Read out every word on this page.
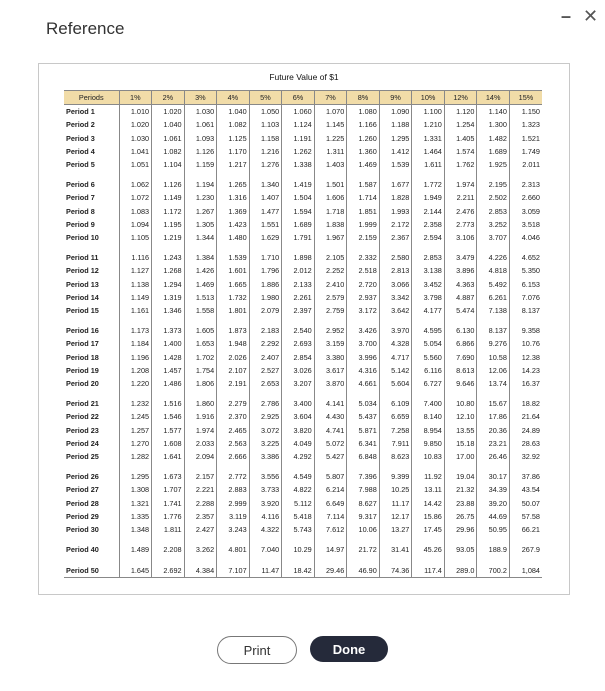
Reference
– ✕
Future Value of $1
Periods	1%	2%	3%	4%	5%	6%	7%	8%	9%	10%	12%	14%	15%
Period 1	1.010	1.020	1.030	1.040	1.050	1.060	1.070	1.080	1.090	1.100	1.120	1.140	1.150
Period 2	1.020	1.040	1.061	1.082	1.103	1.124	1.145	1.166	1.188	1.210	1.254	1.300	1.323
Period 3	1.030	1.061	1.093	1.125	1.158	1.191	1.225	1.260	1.295	1.331	1.405	1.482	1.521
Period 4	1.041	1.082	1.126	1.170	1.216	1.262	1.311	1.360	1.412	1.464	1.574	1.689	1.749
Period 5	1.051	1.104	1.159	1.217	1.276	1.338	1.403	1.469	1.539	1.611	1.762	1.925	2.011

Period 6	1.062	1.126	1.194	1.265	1.340	1.419	1.501	1.587	1.677	1.772	1.974	2.195	2.313
Period 7	1.072	1.149	1.230	1.316	1.407	1.504	1.606	1.714	1.828	1.949	2.211	2.502	2.660
Period 8	1.083	1.172	1.267	1.369	1.477	1.594	1.718	1.851	1.993	2.144	2.476	2.853	3.059
Period 9	1.094	1.195	1.305	1.423	1.551	1.689	1.838	1.999	2.172	2.358	2.773	3.252	3.518
Period 10	1.105	1.219	1.344	1.480	1.629	1.791	1.967	2.159	2.367	2.594	3.106	3.707	4.046

Period 11	1.116	1.243	1.384	1.539	1.710	1.898	2.105	2.332	2.580	2.853	3.479	4.226	4.652
Period 12	1.127	1.268	1.426	1.601	1.796	2.012	2.252	2.518	2.813	3.138	3.896	4.818	5.350
Period 13	1.138	1.294	1.469	1.665	1.886	2.133	2.410	2.720	3.066	3.452	4.363	5.492	6.153
Period 14	1.149	1.319	1.513	1.732	1.980	2.261	2.579	2.937	3.342	3.798	4.887	6.261	7.076
Period 15	1.161	1.346	1.558	1.801	2.079	2.397	2.759	3.172	3.642	4.177	5.474	7.138	8.137

Period 16	1.173	1.373	1.605	1.873	2.183	2.540	2.952	3.426	3.970	4.595	6.130	8.137	9.358
Period 17	1.184	1.400	1.653	1.948	2.292	2.693	3.159	3.700	4.328	5.054	6.866	9.276	10.76
Period 18	1.196	1.428	1.702	2.026	2.407	2.854	3.380	3.996	4.717	5.560	7.690	10.58	12.38
Period 19	1.208	1.457	1.754	2.107	2.527	3.026	3.617	4.316	5.142	6.116	8.613	12.06	14.23
Period 20	1.220	1.486	1.806	2.191	2.653	3.207	3.870	4.661	5.604	6.727	9.646	13.74	16.37

Period 21	1.232	1.516	1.860	2.279	2.786	3.400	4.141	5.034	6.109	7.400	10.80	15.67	18.82
Period 22	1.245	1.546	1.916	2.370	2.925	3.604	4.430	5.437	6.659	8.140	12.10	17.86	21.64
Period 23	1.257	1.577	1.974	2.465	3.072	3.820	4.741	5.871	7.258	8.954	13.55	20.36	24.89
Period 24	1.270	1.608	2.033	2.563	3.225	4.049	5.072	6.341	7.911	9.850	15.18	23.21	28.63
Period 25	1.282	1.641	2.094	2.666	3.386	4.292	5.427	6.848	8.623	10.83	17.00	26.46	32.92

Period 26	1.295	1.673	2.157	2.772	3.556	4.549	5.807	7.396	9.399	11.92	19.04	30.17	37.86
Period 27	1.308	1.707	2.221	2.883	3.733	4.822	6.214	7.988	10.25	13.11	21.32	34.39	43.54
Period 28	1.321	1.741	2.288	2.999	3.920	5.112	6.649	8.627	11.17	14.42	23.88	39.20	50.07
Period 29	1.335	1.776	2.357	3.119	4.116	5.418	7.114	9.317	12.17	15.86	26.75	44.69	57.58
Period 30	1.348	1.811	2.427	3.243	4.322	5.743	7.612	10.06	13.27	17.45	29.96	50.95	66.21

Period 40	1.489	2.208	3.262	4.801	7.040	10.29	14.97	21.72	31.41	45.26	93.05	188.9	267.9

Period 50	1.645	2.692	4.384	7.107	11.47	18.42	29.46	46.90	74.36	117.4	289.0	700.2	1,084
Print	Done
